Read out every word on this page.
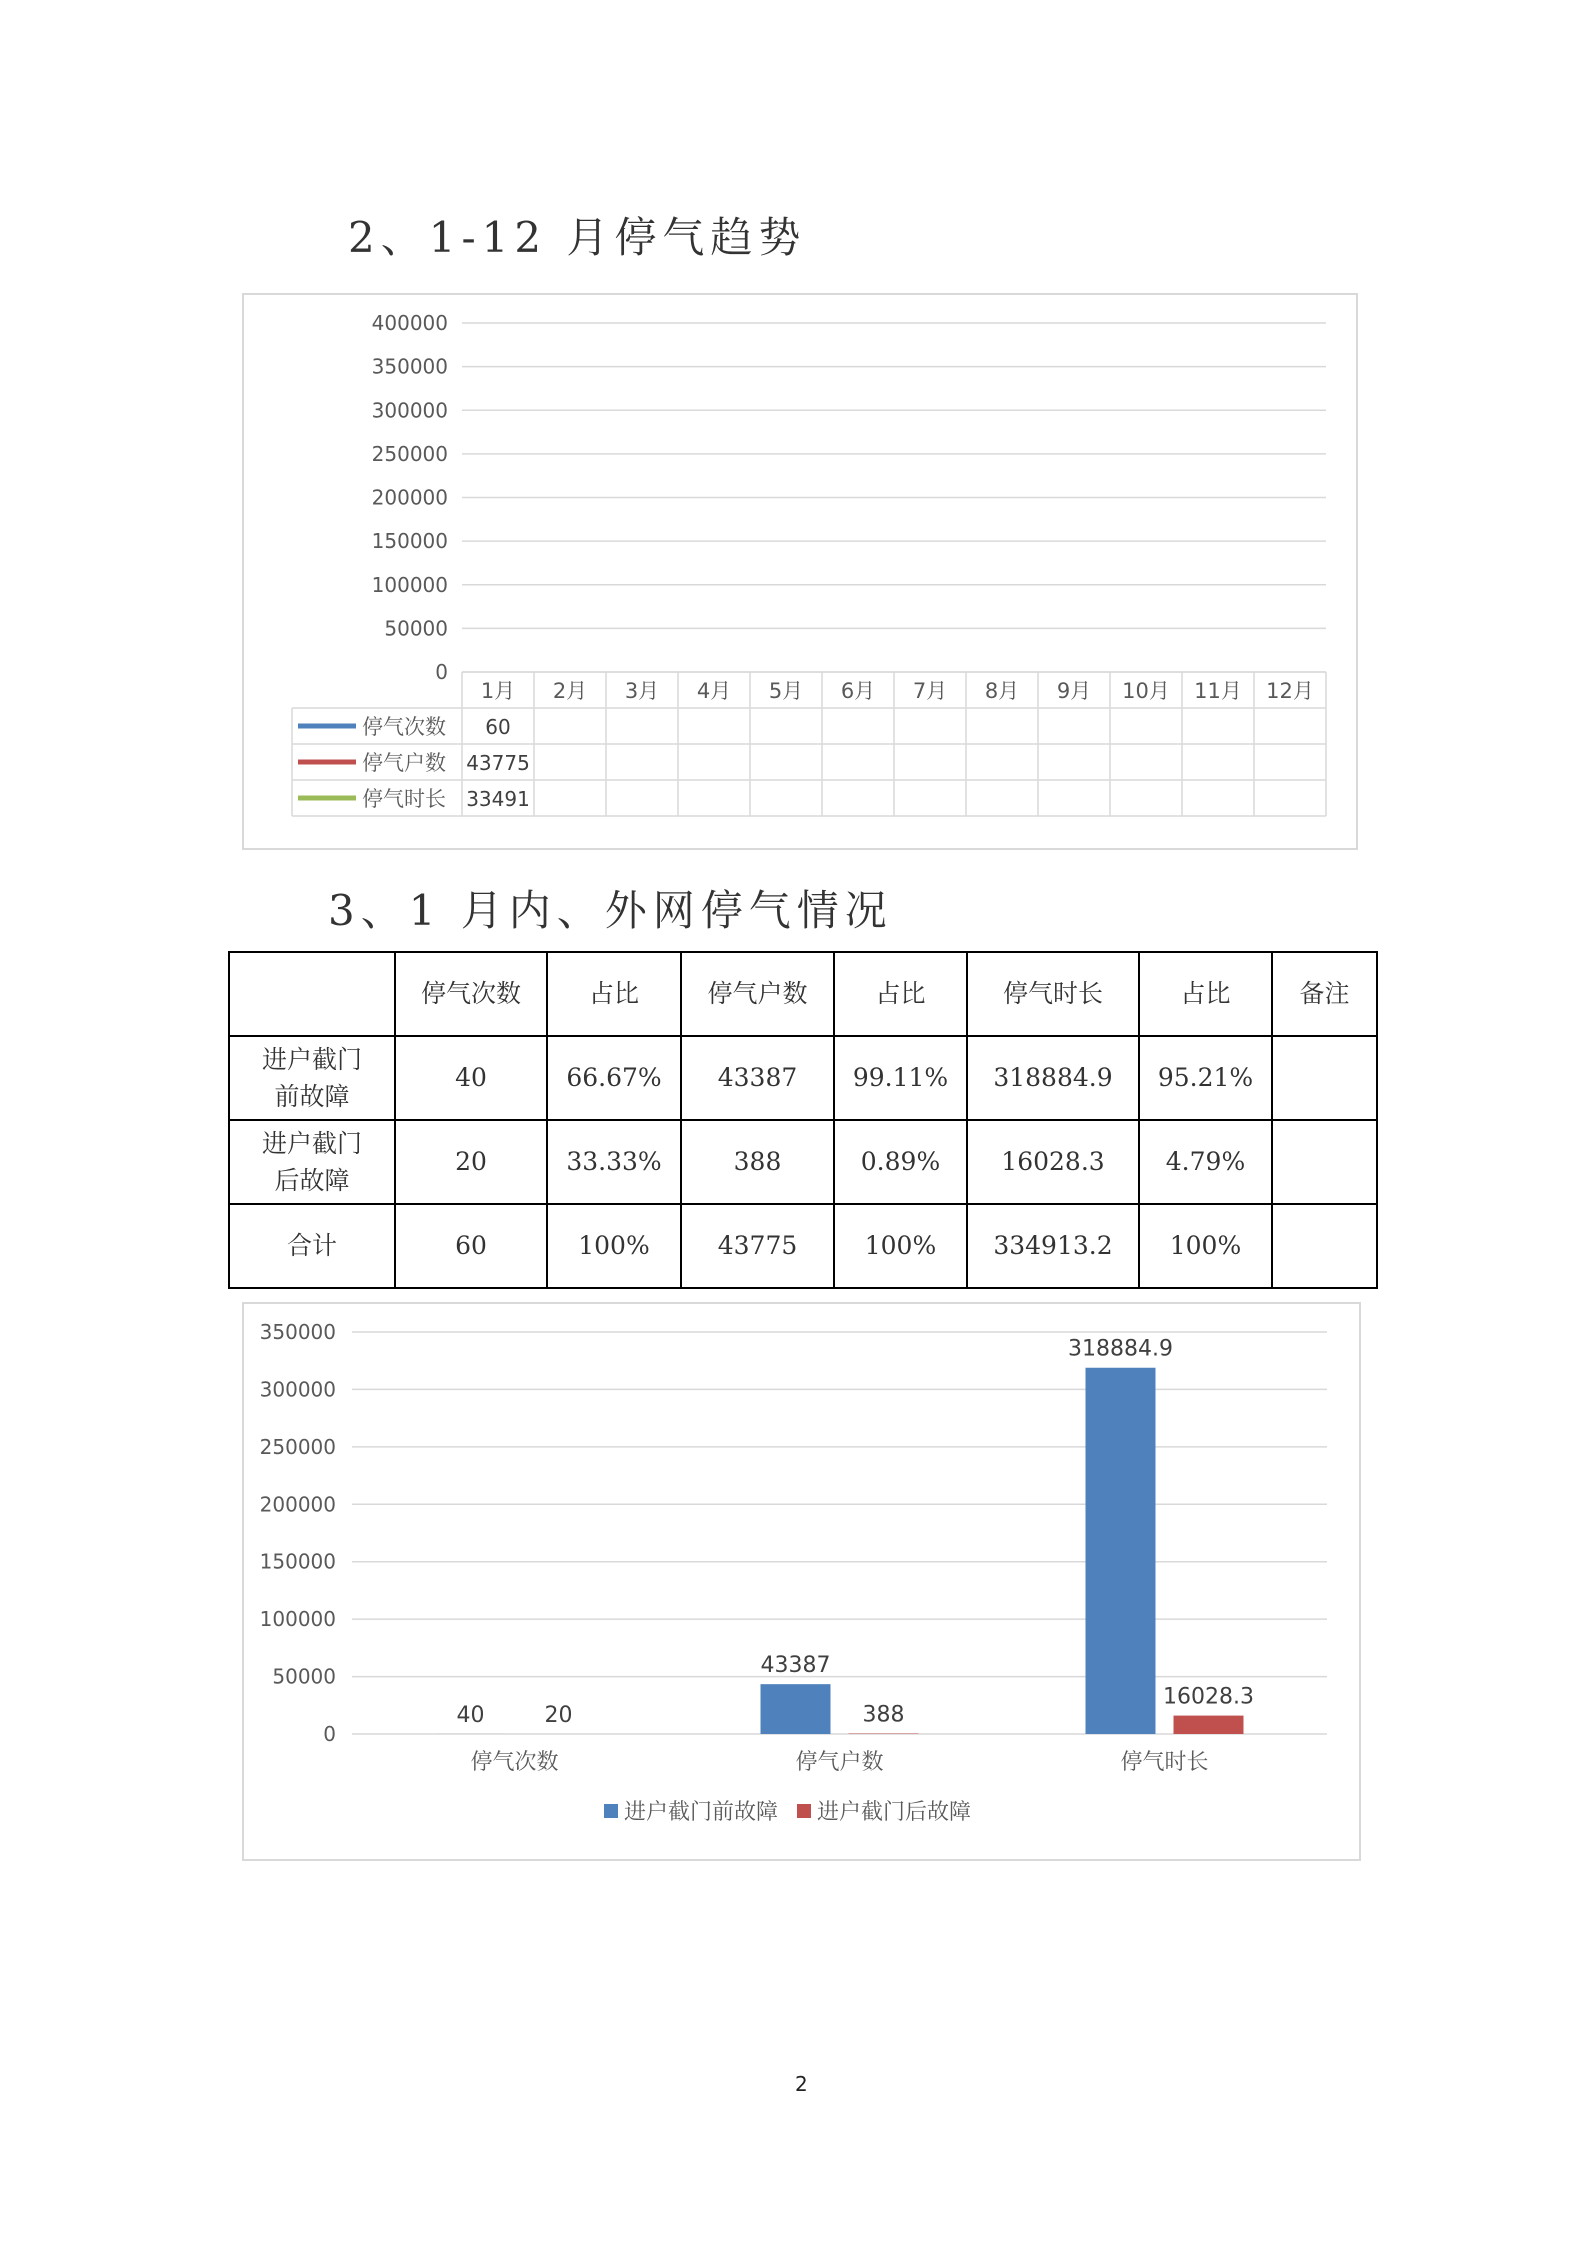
2、1-12 月停气趋势
400000
350000
300000
250000
200000
150000
100000
50000
0
1月 2月 3月 4月 5月 6月 7月 8月 9月 10月 11月 12月
停气次数 60
停气户数 43775
停气时长 33491
3、1 月内、外网停气情况
	停气次数	占比	停气户数	占比	停气时长	占比	备注

进户截门
前故障	40	66.67%	43387	99.11%	318884.9	95.21%	

进户截门
后故障	20	33.33%	388	0.89%	16028.3	4.79%	

合计	60	100%	43775	100%	334913.2	100%	
350000
300000
250000
200000
150000
100000
50000
0
40	20
43387
388
318884.9
16028.3
停气次数	停气户数	停气时长
进户截门前故障 进户截门后故障
2
